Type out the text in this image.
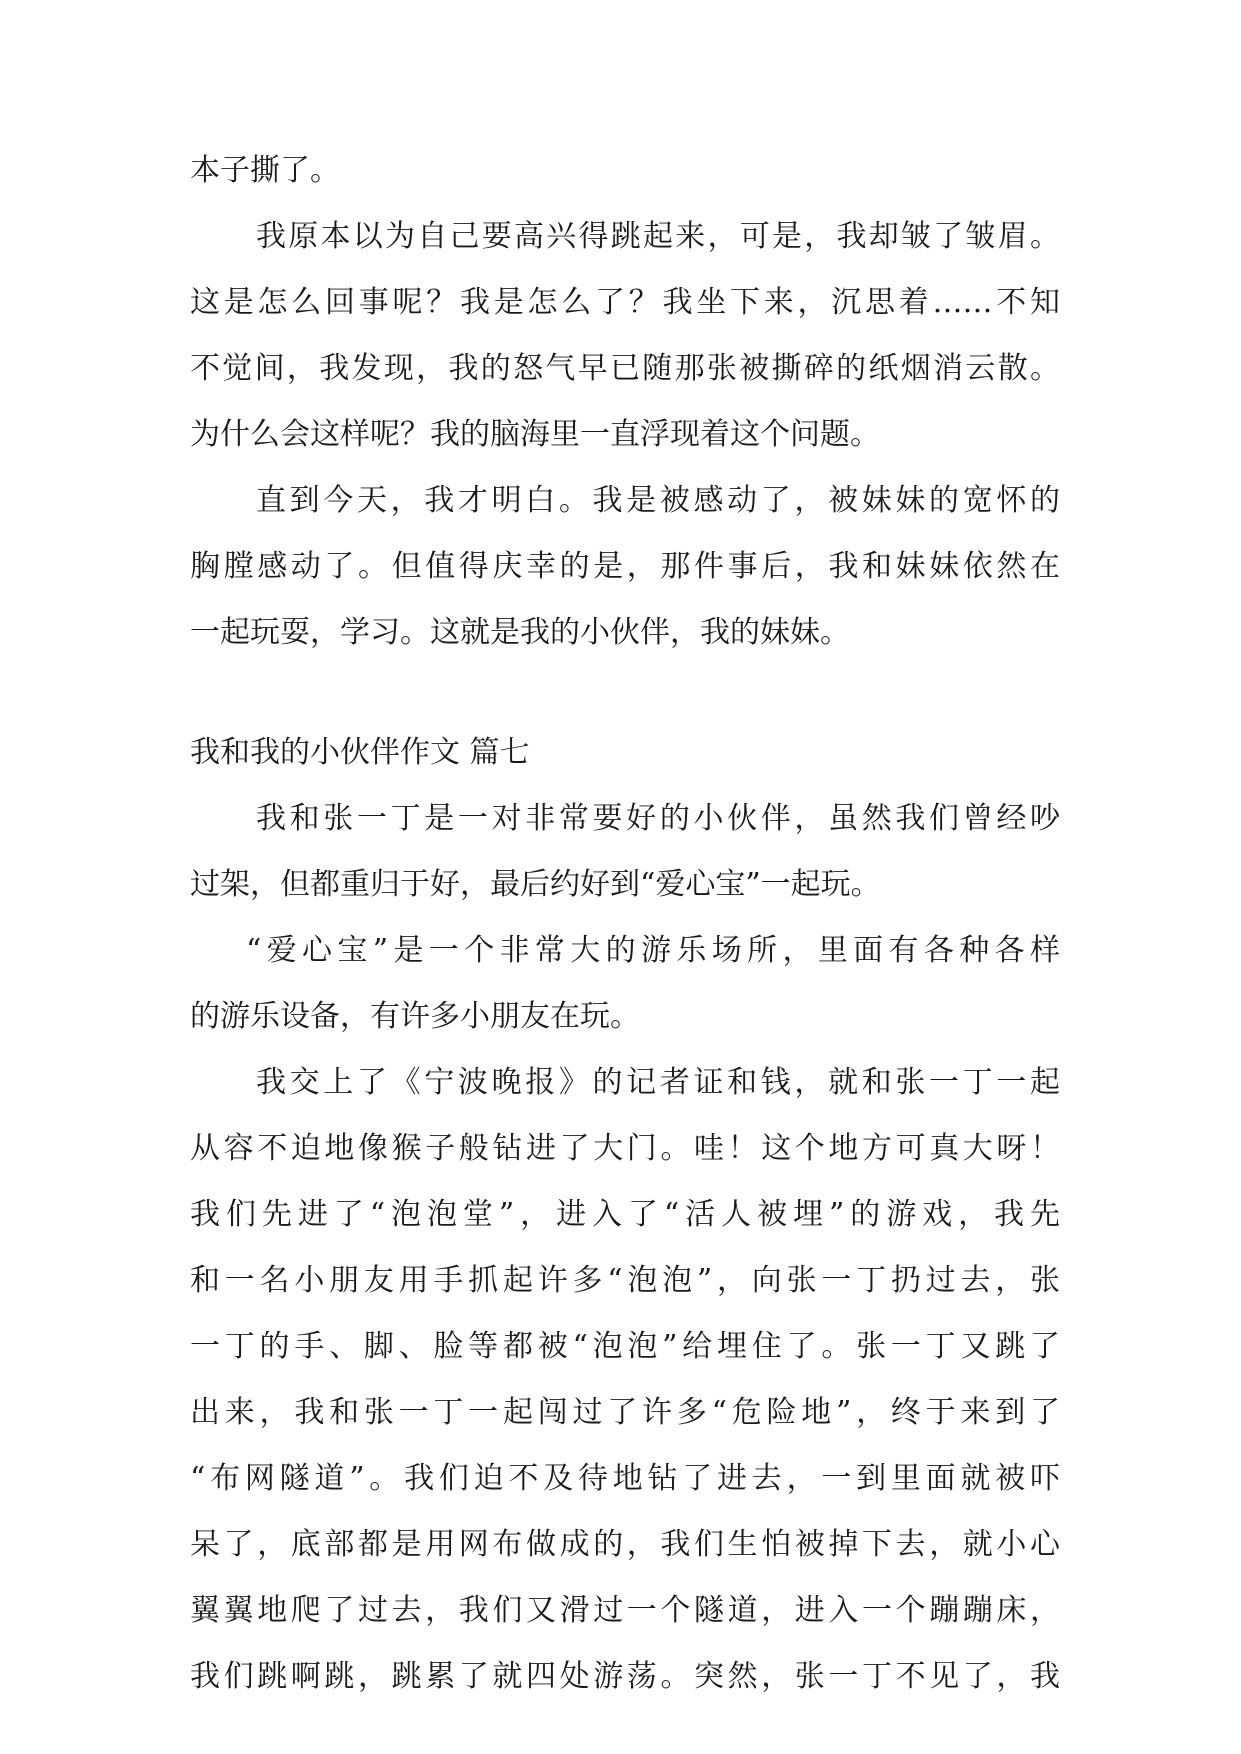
本子撕了。

我原本以为自己要高兴得跳起来，可是，我却皱了皱眉。

这是怎么回事呢？我是怎么了？我坐下来，沉思着……不知

不觉间，我发现，我的怒气早已随那张被撕碎的纸烟消云散。

为什么会这样呢？我的脑海里一直浮现着这个问题。

直到今天，我才明白。我是被感动了，被妹妹的宽怀的

胸膛感动了。但值得庆幸的是，那件事后，我和妹妹依然在

一起玩耍，学习。这就是我的小伙伴，我的妹妹。

我和我的小伙伴作文 篇七

我和张一丁是一对非常要好的小伙伴，虽然我们曾经吵

过架，但都重归于好，最后约好到“爱心宝”一起玩。

“爱心宝”是一个非常大的游乐场所，里面有各种各样

的游乐设备，有许多小朋友在玩。

我交上了《宁波晚报》的记者证和钱，就和张一丁一起

从容不迫地像猴子般钻进了大门。哇！这个地方可真大呀！

我们先进了“泡泡堂”，进入了“活人被埋”的游戏，我先

和一名小朋友用手抓起许多“泡泡”，向张一丁扔过去，张

一丁的手、脚、脸等都被“泡泡”给埋住了。张一丁又跳了

出来，我和张一丁一起闯过了许多“危险地”，终于来到了

“布网隧道”。我们迫不及待地钻了进去，一到里面就被吓

呆了，底部都是用网布做成的，我们生怕被掉下去，就小心

翼翼地爬了过去，我们又滑过一个隧道，进入一个蹦蹦床，

我们跳啊跳，跳累了就四处游荡。突然，张一丁不见了，我
